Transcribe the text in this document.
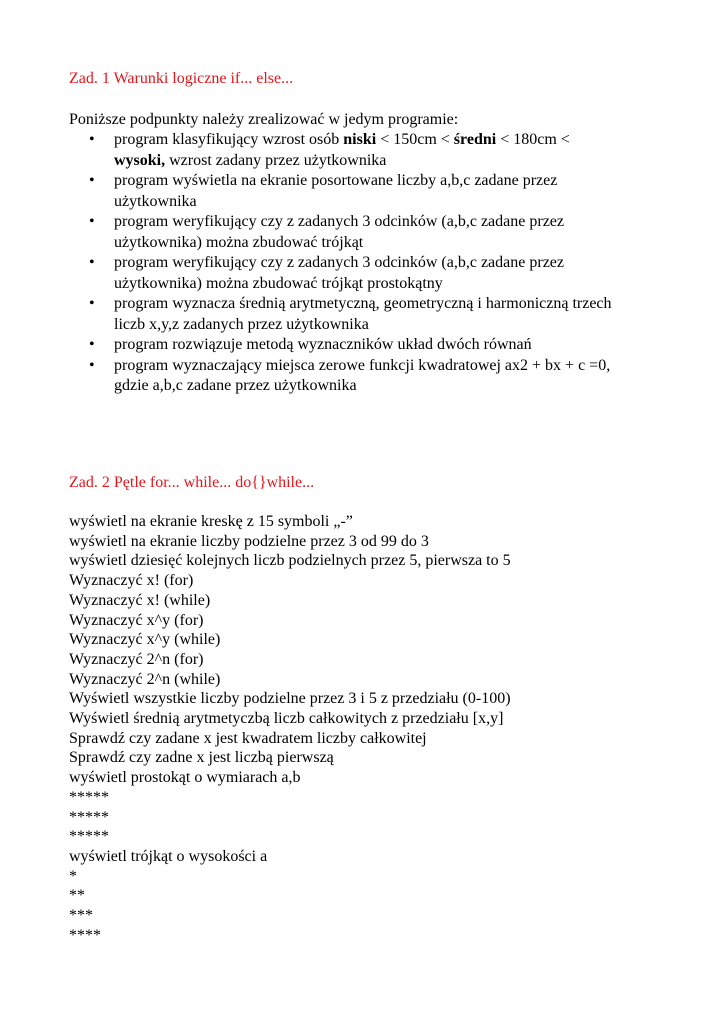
Zad. 1 Warunki logiczne if... else...
Poniższe podpunkty należy zrealizować w jedym programie:
• program klasyfikujący wzrost osób niski < 150cm < średni < 180cm <
wysoki, wzrost zadany przez użytkownika
• program wyświetla na ekranie posortowane liczby a,b,c zadane przez
użytkownika
• program weryfikujący czy z zadanych 3 odcinków (a,b,c zadane przez
użytkownika) można zbudować trójkąt
• program weryfikujący czy z zadanych 3 odcinków (a,b,c zadane przez
użytkownika) można zbudować trójkąt prostokątny
• program wyznacza średnią arytmetyczną, geometryczną i harmoniczną trzech
liczb x,y,z zadanych przez użytkownika
• program rozwiązuje metodą wyznaczników układ dwóch równań
• program wyznaczający miejsca zerowe funkcji kwadratowej ax2 + bx + c =0,
gdzie a,b,c zadane przez użytkownika
Zad. 2 Pętle for... while... do{}while...
wyświetl na ekranie kreskę z 15 symboli „-”
wyświetl na ekranie liczby podzielne przez 3 od 99 do 3
wyświetl dziesięć kolejnych liczb podzielnych przez 5, pierwsza to 5
Wyznaczyć x! (for)
Wyznaczyć x! (while)
Wyznaczyć x^y (for)
Wyznaczyć x^y (while)
Wyznaczyć 2^n (for)
Wyznaczyć 2^n (while)
Wyświetl wszystkie liczby podzielne przez 3 i 5 z przedziału (0-100)
Wyświetl średnią arytmetyczbą liczb całkowitych z przedziału [x,y]
Sprawdź czy zadane x jest kwadratem liczby całkowitej
Sprawdź czy zadne x jest liczbą pierwszą
wyświetl prostokąt o wymiarach a,b
*****
*****
*****
wyświetl trójkąt o wysokości a
*
**
***
****
